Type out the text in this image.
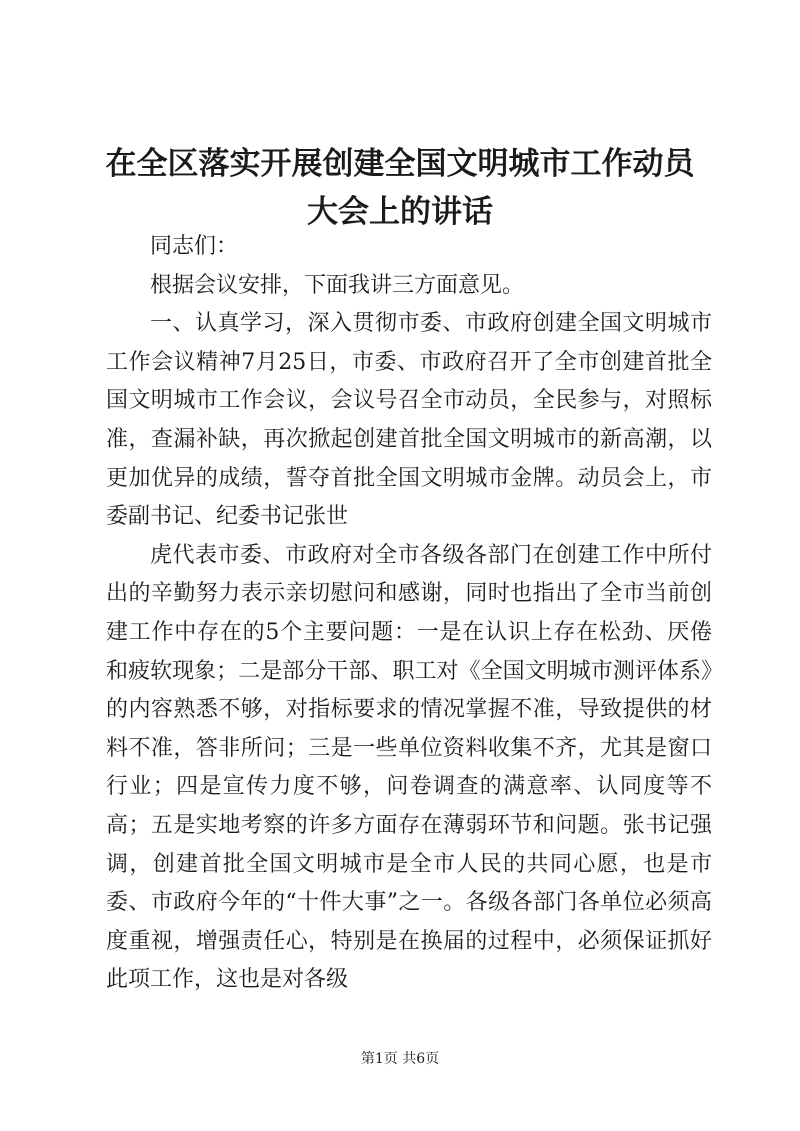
在全区落实开展创建全国文明城市工作动员大会上的讲话

同志们：

根据会议安排，下面我讲三方面意见。

一、认真学习，深入贯彻市委、市政府创建全国文明城市工作会议精神7月25日，市委、市政府召开了全市创建首批全国文明城市工作会议，会议号召全市动员，全民参与，对照标准，查漏补缺，再次掀起创建首批全国文明城市的新高潮，以更加优异的成绩，誓夺首批全国文明城市金牌。动员会上，市委副书记、纪委书记张世

虎代表市委、市政府对全市各级各部门在创建工作中所付出的辛勤努力表示亲切慰问和感谢，同时也指出了全市当前创建工作中存在的5个主要问题：一是在认识上存在松劲、厌倦和疲软现象；二是部分干部、职工对《全国文明城市测评体系》的内容熟悉不够，对指标要求的情况掌握不准，导致提供的材料不准，答非所问；三是一些单位资料收集不齐，尤其是窗口行业；四是宣传力度不够，问卷调查的满意率、认同度等不高；五是实地考察的许多方面存在薄弱环节和问题。张书记强调，创建首批全国文明城市是全市人民的共同心愿，也是市委、市政府今年的“十件大事”之一。各级各部门各单位必须高度重视，增强责任心，特别是在换届的过程中，必须保证抓好此项工作，这也是对各级

第1页 共6页
